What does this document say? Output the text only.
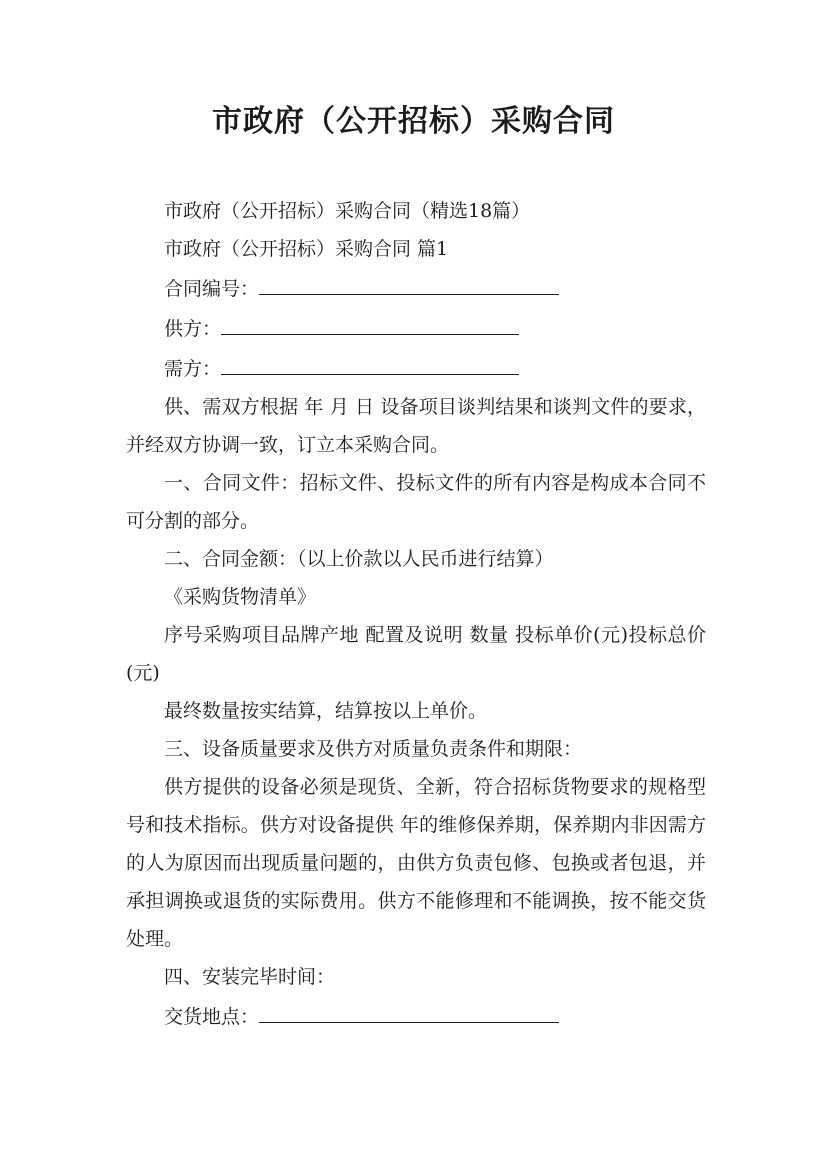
市政府（公开招标）采购合同

市政府（公开招标）采购合同（精选18篇）

市政府（公开招标）采购合同 篇1

合同编号：

供方：

需方：

供、需双方根据 年 月 日 设备项目谈判结果和谈判文件的要求，并经双方协调一致，订立本采购合同。

一、合同文件：招标文件、投标文件的所有内容是构成本合同不可分割的部分。

二、合同金额：（以上价款以人民币进行结算）

《采购货物清单》

序号采购项目品牌产地 配置及说明 数量 投标单价(元)投标总价(元)

最终数量按实结算，结算按以上单价。

三、设备质量要求及供方对质量负责条件和期限：

供方提供的设备必须是现货、全新，符合招标货物要求的规格型号和技术指标。供方对设备提供 年的维修保养期，保养期内非因需方的人为原因而出现质量问题的，由供方负责包修、包换或者包退，并承担调换或退货的实际费用。供方不能修理和不能调换，按不能交货处理。

四、安装完毕时间：

交货地点：
